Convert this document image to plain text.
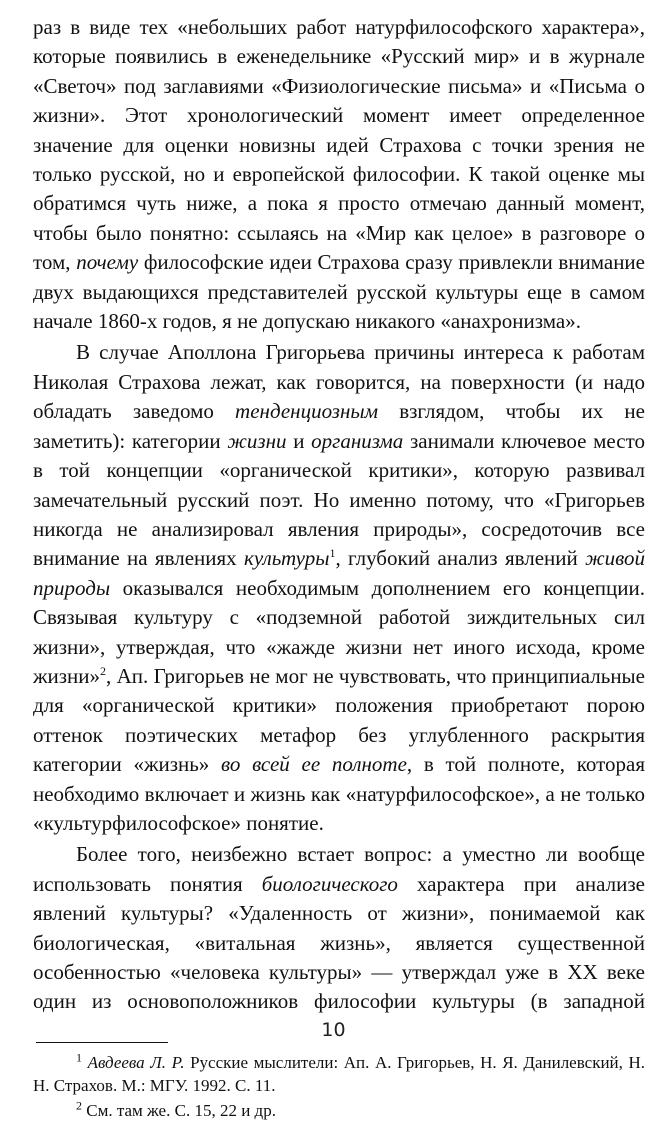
раз в виде тех «небольших работ натурфилософского характера», которые появились в еженедельнике «Русский мир» и в журнале «Светоч» под заглавиями «Физиологические письма» и «Письма о жизни». Этот хронологический момент имеет определенное значение для оценки новизны идей Страхова с точки зрения не только русской, но и европейской философии. К такой оценке мы обратимся чуть ниже, а пока я просто отмечаю данный момент, чтобы было понятно: ссылаясь на «Мир как целое» в разговоре о том, почему философские идеи Страхова сразу привлекли внимание двух выдающихся представителей русской культуры еще в самом начале 1860-х годов, я не допускаю никакого «анахронизма».

В случае Аполлона Григорьева причины интереса к работам Николая Страхова лежат, как говорится, на поверхности (и надо обладать заведомо тенденциозным взглядом, чтобы их не заметить): категории жизни и организма занимали ключевое место в той концепции «органической критики», которую развивал замечательный русский поэт. Но именно потому, что «Григорьев никогда не анализировал явления природы», сосредоточив все внимание на явлениях культуры$^1$, глубокий анализ явлений живой природы оказывался необходимым дополнением его концепции. Связывая культуру с «подземной работой зиждительных сил жизни», утверждая, что «жажде жизни нет иного исхода, кроме жизни»$^2$, Ап. Григорьев не мог не чувствовать, что принципиальные для «органической критики» положения приобретают порою оттенок поэтических метафор без углубленного раскрытия категории «жизнь» во всей ее полноте, в той полноте, которая необходимо включает и жизнь как «натурфилософское», а не только «культурфилософское» понятие.

Более того, неизбежно встает вопрос: а уместно ли вообще использовать понятия биологического характера при анализе явлений культуры? «Удаленность от жизни», понимаемой как биологическая, «витальная жизнь», является существенной особенностью «человека культуры» — утверждал уже в XX веке один из основоположников философии культуры (в западной

$^1$ Авдеева Л. Р. Русские мыслители: Ап. А. Григорьев, Н. Я. Данилевский, Н. Н. Страхов. М.: МГУ. 1992. С. 11.

$^2$ См. там же. С. 15, 22 и др.

10
